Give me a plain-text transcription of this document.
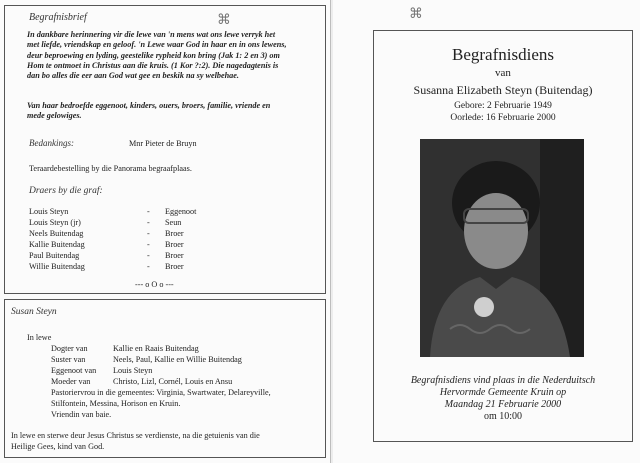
Begrafnisbrief	⌘
In dankbare herinnering vir die lewe van 'n mens wat ons lewe verryk het
met liefde, vriendskap en geloof. 'n Lewe waar God in haar en in ons lewens,
deur beproewing en lyding, geestelike rypheid kon bring (Jak 1: 2 en 3) om
Hom te ontmoet in Christus aan die kruis. (1 Kor ?:2). Die nagedagtenis is
dan bo alles die eer aan God wat gee en beskik na sy welbehae.
Van haar bedroefde eggenoot, kinders, ouers, broers, familie, vriende en
mede gelowiges.
Bedankings:	Mnr Pieter de Bruyn
Teraardebestelling by die Panorama begraafplaas.
Draers by die graf:
Louis Steyn	- Eggenoot
Louis Steyn (jr)	- Seun
Neels Buitendag	- Broer
Kallie Buitendag	- Broer
Paul Buitendag	- Broer
Willie Buitendag	- Broer
--- o O o ---
Susan Steyn
In lewe
Dogter van	Kallie en Raais Buitendag
Suster van	Neels, Paul, Kallie en Willie Buitendag
Eggenoot van Louis Steyn
Moeder van	Christo, Lizl, Cornél, Louis en Ansu
Pastoriervrou in die gemeentes: Virginia, Swartwater, Delareyville,
Stilfontein, Messina, Horison en Kruin.
Vriendin van baie.
In lewe en sterwe deur Jesus Christus se verdienste, na die getuienis van die
Heilige Gees, kind van God.
⌘
Begrafnisdiens
van
Susanna Elizabeth Steyn (Buitendag)
Gebore: 2 Februarie 1949
Oorlede: 16 Februarie 2000
Begrafnisdiens vind plaas in die Nederduitsch
Hervormde Gemeente Kruin op
Maandag 21 Februarie 2000
om 10:00
